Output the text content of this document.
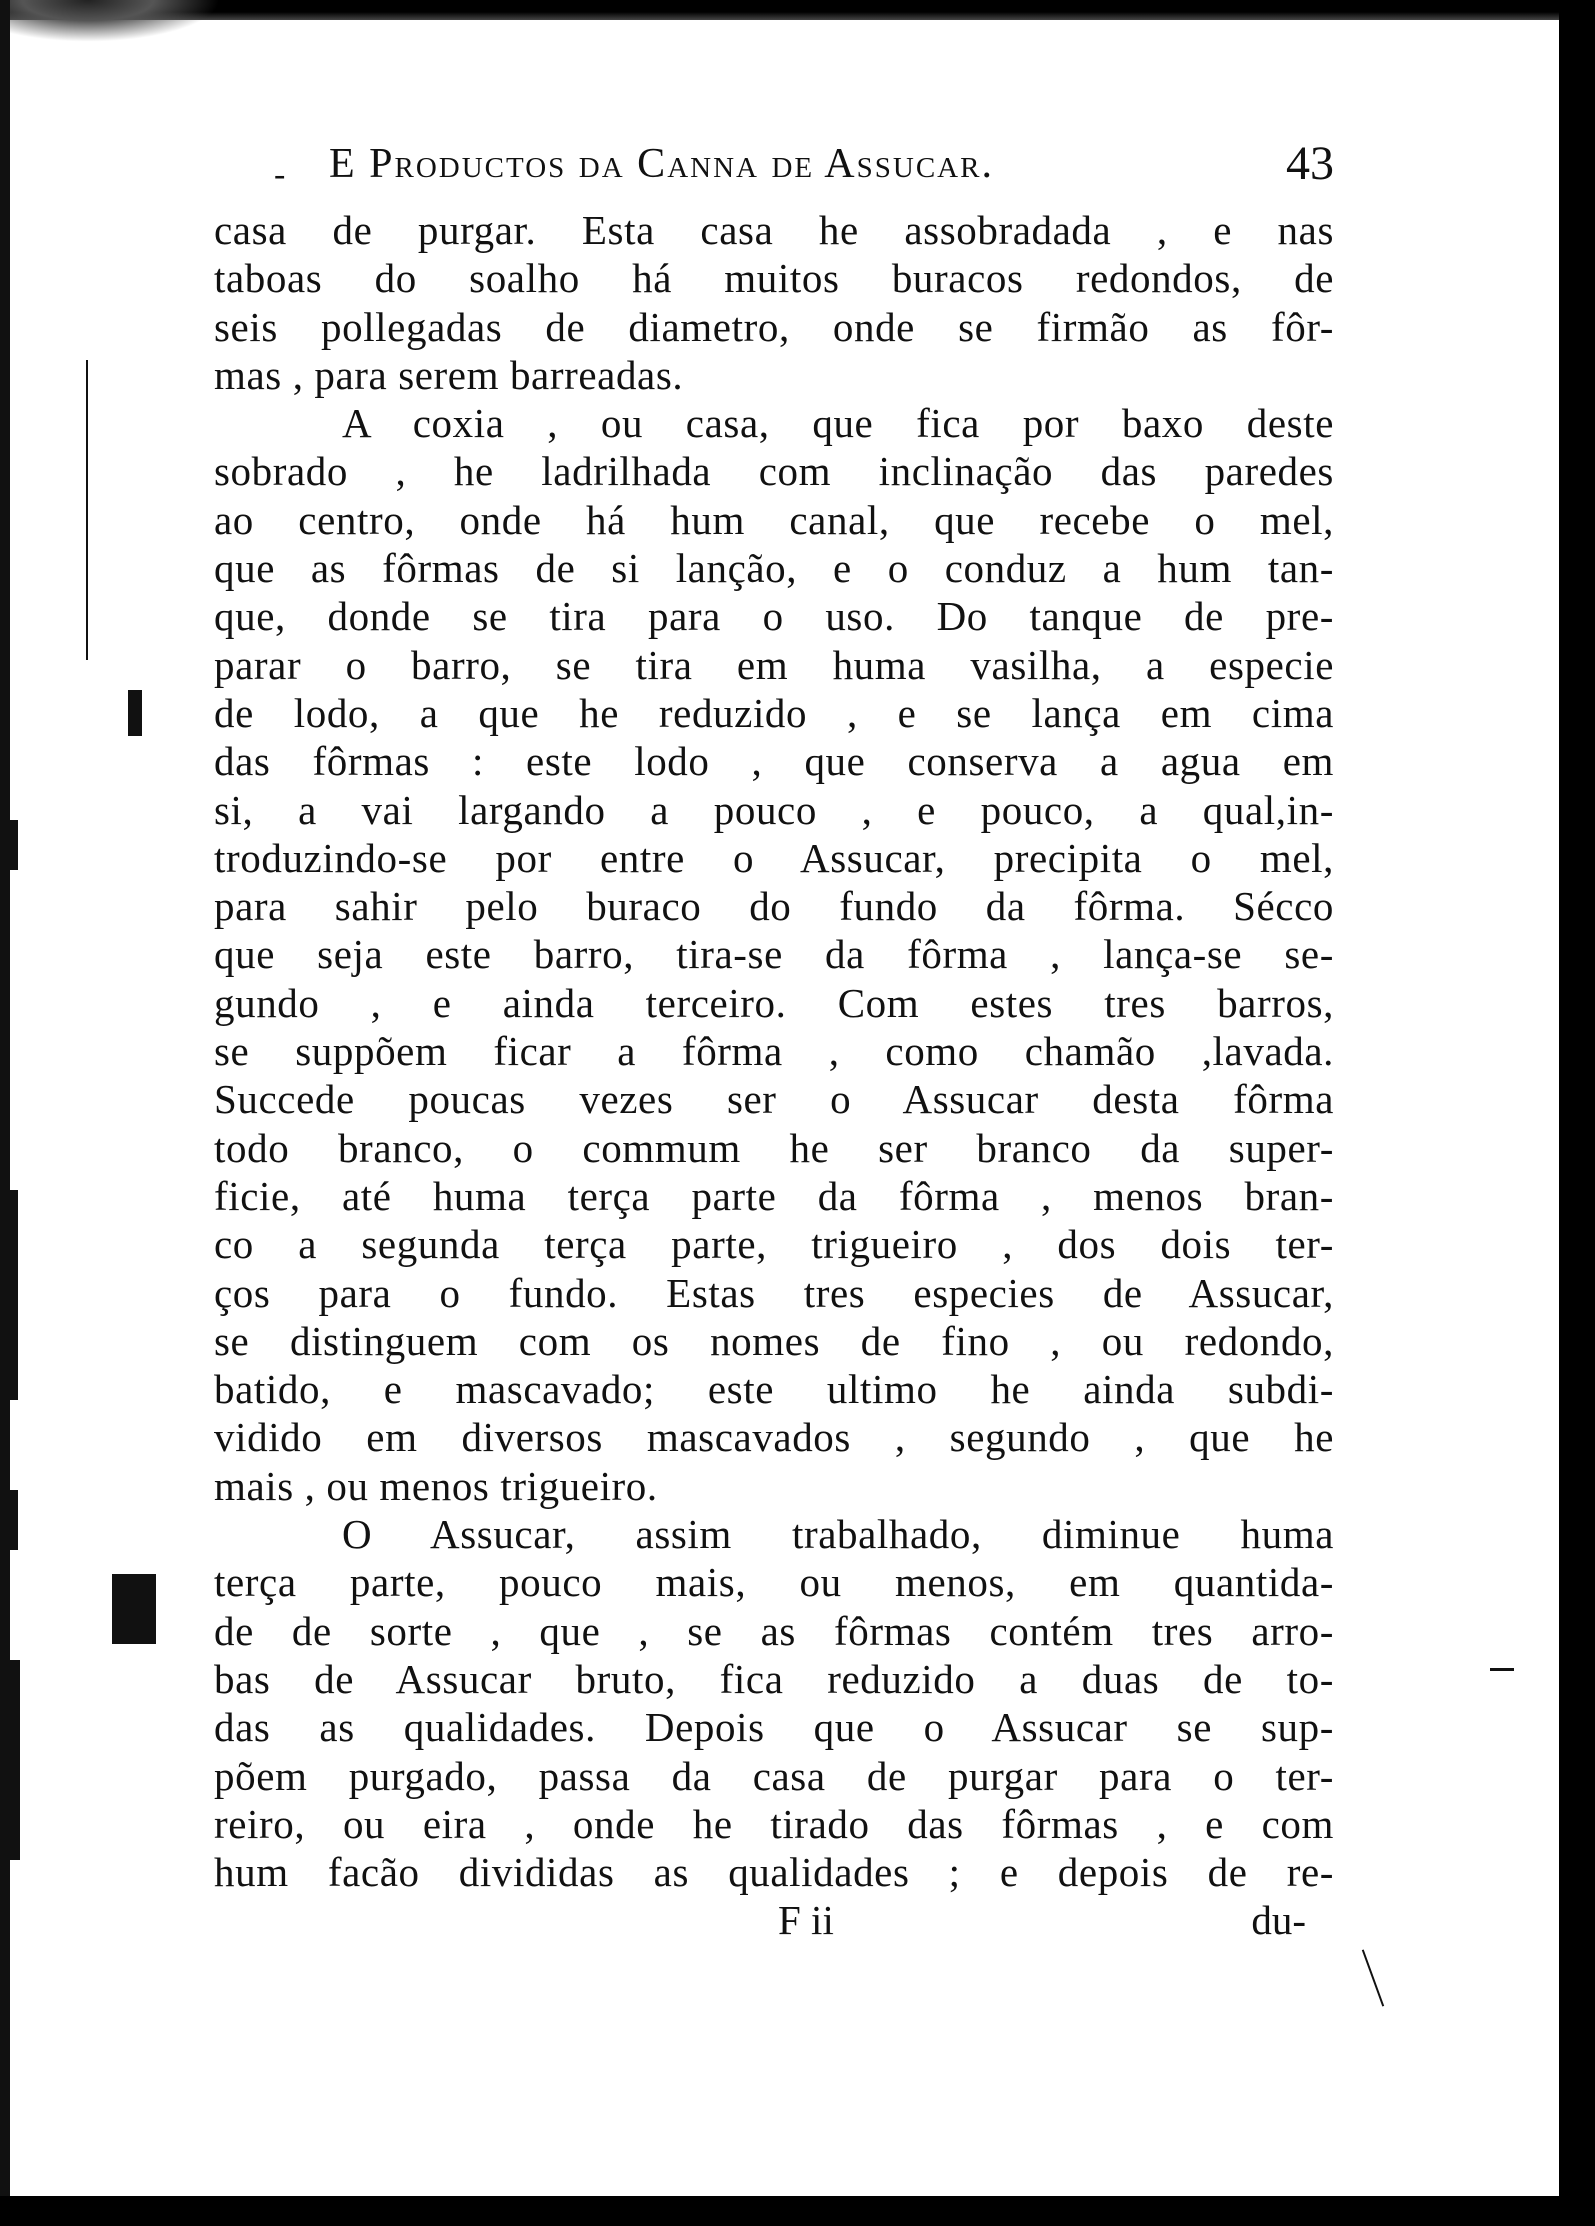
- E Productos da Canna de Assucar.	43
casa de purgar. Esta casa he assobradada , e nas
taboas do soalho há muitos buracos redondos, de
seis pollegadas de diametro, onde se firmão as fôr-
mas , para serem barreadas.
A coxia , ou casa, que fica por baxo deste
sobrado , he ladrilhada com inclinação das paredes
ao centro, onde há hum canal, que recebe o mel,
que as fôrmas de si lanção, e o conduz a hum tan-
que, donde se tira para o uso. Do tanque de pre-
parar o barro, se tira em huma vasilha, a especie
de lodo, a que he reduzido , e se lança em cima
das fôrmas : este lodo , que conserva a agua em
si, a vai largando a pouco , e pouco, a qual,in-
troduzindo-se por entre o Assucar, precipita o mel,
para sahir pelo buraco do fundo da fôrma. Sécco
que seja este barro, tira-se da fôrma , lança-se se-
gundo , e ainda terceiro. Com estes tres barros,
se suppõem ficar a fôrma , como chamão ,lavada.
Succede poucas vezes ser o Assucar desta fôrma
todo branco, o commum he ser branco da super-
ficie, até huma terça parte da fôrma , menos bran-
co a segunda terça parte, trigueiro , dos dois ter-
ços para o fundo. Estas tres especies de Assucar,
se distinguem com os nomes de fino , ou redondo,
batido, e mascavado; este ultimo he ainda subdi-
vidido em diversos mascavados , segundo , que he
mais , ou menos trigueiro.
O Assucar, assim trabalhado, diminue huma
terça parte, pouco mais, ou menos, em quantida-
de de sorte , que , se as fôrmas contém tres arro-
bas de Assucar bruto, fica reduzido a duas de to-
das as qualidades. Depois que o Assucar se sup-
põem purgado, passa da casa de purgar para o ter-
reiro, ou eira , onde he tirado das fôrmas , e com
hum facão divididas as qualidades ; e depois de re-
F ii	du-
